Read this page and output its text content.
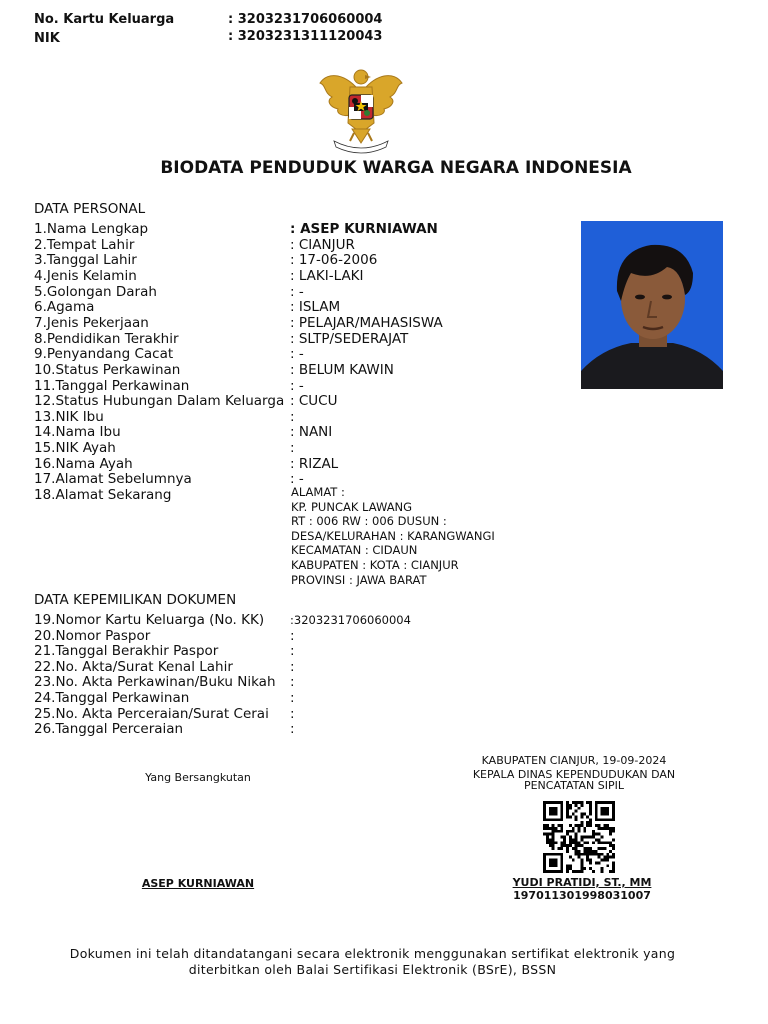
No. Kartu Keluarga	: 3203231706060004
NIK	: 3203231311120043
BIODATA PENDUDUK WARGA NEGARA INDONESIA
DATA PERSONAL
1.Nama Lengkap	: ASEP KURNIAWAN
2.Tempat Lahir	: CIANJUR
3.Tanggal Lahir	: 17-06-2006
4.Jenis Kelamin	: LAKI-LAKI
5.Golongan Darah	: -
6.Agama	: ISLAM
7.Jenis Pekerjaan	: PELAJAR/MAHASISWA
8.Pendidikan Terakhir	: SLTP/SEDERAJAT
9.Penyandang Cacat	: -
10.Status Perkawinan	: BELUM KAWIN
11.Tanggal Perkawinan	: -
12.Status Hubungan Dalam Keluarga : CUCU
13.NIK Ibu	:
14.Nama Ibu	: NANI
15.NIK Ayah	:
16.Nama Ayah	: RIZAL
17.Alamat Sebelumnya	: -
18.Alamat Sekarang	ALAMAT :
KP. PUNCAK LAWANG
RT : 006 RW : 006 DUSUN :
DESA/KELURAHAN : KARANGWANGI
KECAMATAN : CIDAUN
KABUPATEN : KOTA : CIANJUR
PROVINSI : JAWA BARAT
DATA KEPEMILIKAN DOKUMEN
19.Nomor Kartu Keluarga (No. KK) :3203231706060004
20.Nomor Paspor	:
21.Tanggal Berakhir Paspor	:
22.No. Akta/Surat Kenal Lahir	:
23.No. Akta Perkawinan/Buku Nikah :
24.Tanggal Perkawinan	:
25.No. Akta Perceraian/Surat Cerai :
26.Tanggal Perceraian	:
Yang Bersangkutan
ASEP KURNIAWAN
KABUPATEN CIANJUR, 19-09-2024
KEPALA DINAS KEPENDUDUKAN DAN
PENCATATAN SIPIL
YUDI PRATIDI, ST., MM
197011301998031007
Dokumen ini telah ditandatangani secara elektronik menggunakan sertifikat elektronik yang
diterbitkan oleh Balai Sertifikasi Elektronik (BSrE), BSSN
